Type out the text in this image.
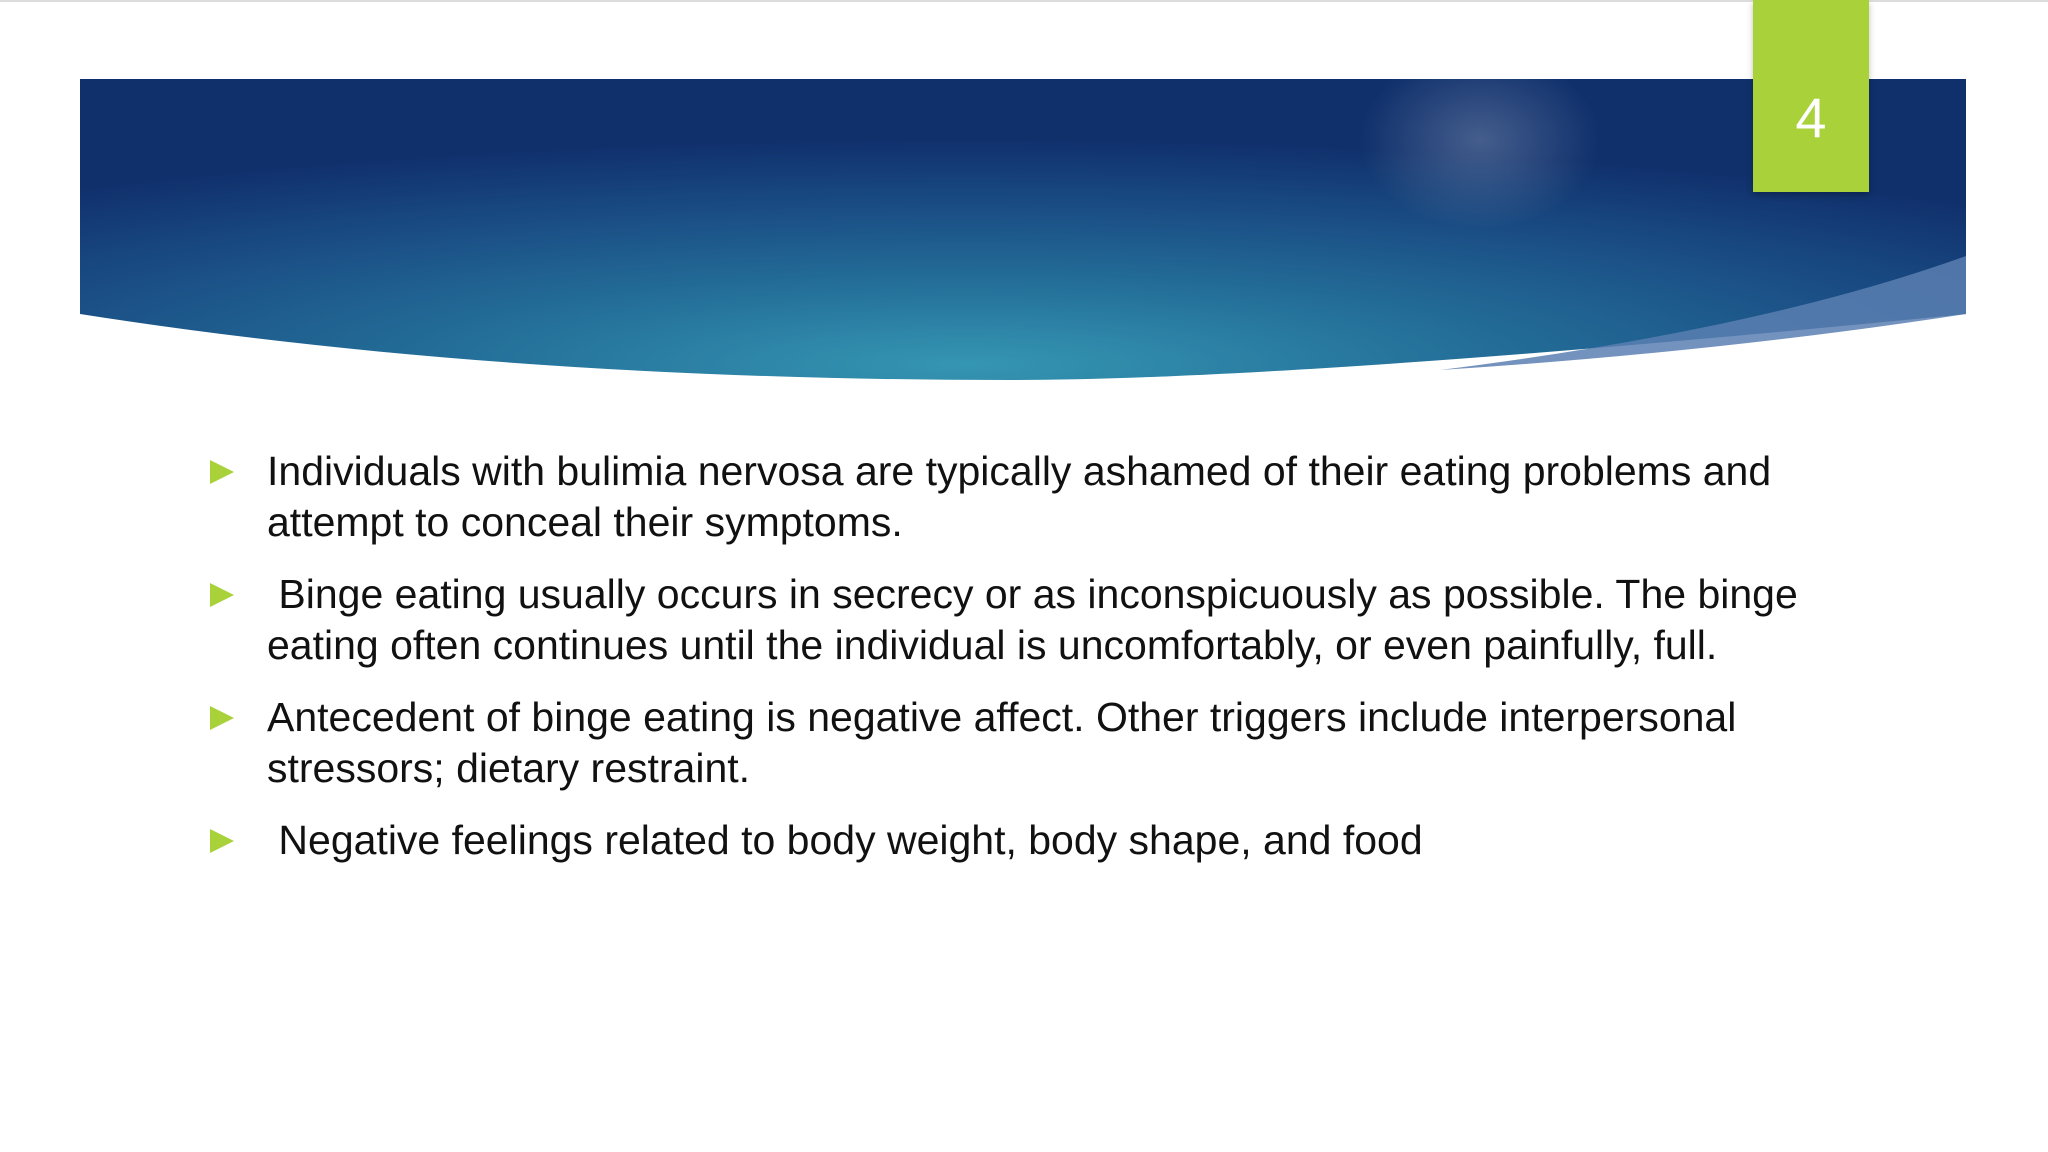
4

Individuals with bulimia nervosa are typically ashamed of their eating problems and attempt to conceal their symptoms.

Binge eating usually occurs in secrecy or as inconspicuously as possible. The binge eating often continues until the individual is uncomfortably, or even painfully, full.

Antecedent of binge eating is negative affect. Other triggers include interpersonal stressors; dietary restraint.

Negative feelings related to body weight, body shape, and food
